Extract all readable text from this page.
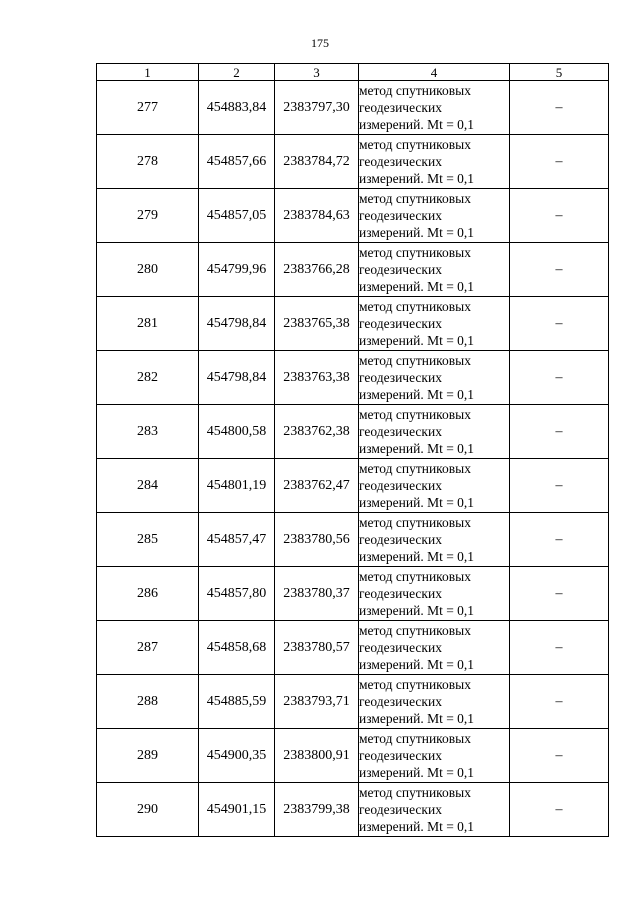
175
1	2	3	4	5
277	454883,84	2383797,30	метод спутниковых
геодезических
измерений. Mt = 0,1	–
278	454857,66	2383784,72	метод спутниковых
геодезических
измерений. Mt = 0,1	–
279	454857,05	2383784,63	метод спутниковых
геодезических
измерений. Mt = 0,1	–
280	454799,96	2383766,28	метод спутниковых
геодезических
измерений. Mt = 0,1	–
281	454798,84	2383765,38	метод спутниковых
геодезических
измерений. Mt = 0,1	–
282	454798,84	2383763,38	метод спутниковых
геодезических
измерений. Mt = 0,1	–
283	454800,58	2383762,38	метод спутниковых
геодезических
измерений. Mt = 0,1	–
284	454801,19	2383762,47	метод спутниковых
геодезических
измерений. Mt = 0,1	–
285	454857,47	2383780,56	метод спутниковых
геодезических
измерений. Mt = 0,1	–
286	454857,80	2383780,37	метод спутниковых
геодезических
измерений. Mt = 0,1	–
287	454858,68	2383780,57	метод спутниковых
геодезических
измерений. Mt = 0,1	–
288	454885,59	2383793,71	метод спутниковых
геодезических
измерений. Mt = 0,1	–
289	454900,35	2383800,91	метод спутниковых
геодезических
измерений. Mt = 0,1	–
290	454901,15	2383799,38	метод спутниковых
геодезических
измерений. Mt = 0,1	–
